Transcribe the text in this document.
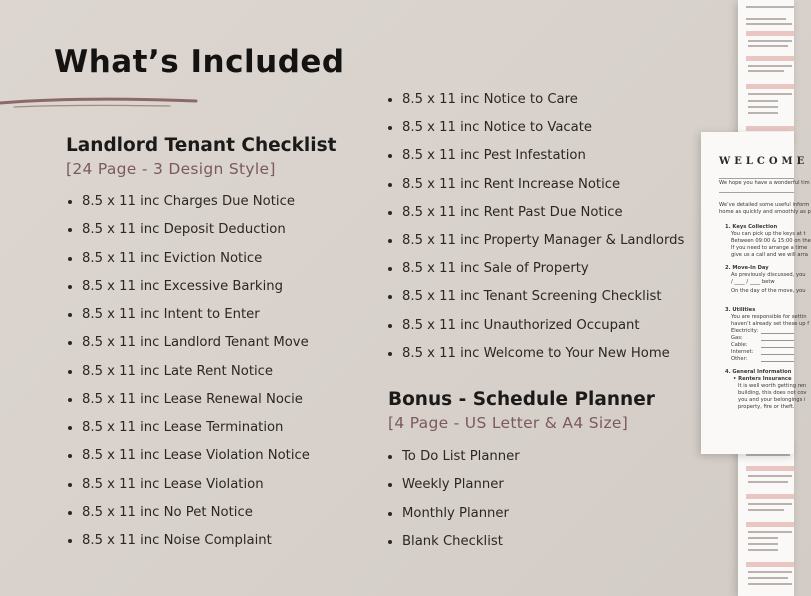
What’s Included
Landlord Tenant Checklist

[24 Page - 3 Design Style]

8.5 x 11 inc Charges Due Notice
8.5 x 11 inc Deposit Deduction
8.5 x 11 inc Eviction Notice
8.5 x 11 inc Excessive Barking
8.5 x 11 inc Intent to Enter
8.5 x 11 inc Landlord Tenant Move
8.5 x 11 inc Late Rent Notice
8.5 x 11 inc Lease Renewal Nocie
8.5 x 11 inc Lease Termination
8.5 x 11 inc Lease Violation Notice
8.5 x 11 inc Lease Violation
8.5 x 11 inc No Pet Notice
8.5 x 11 inc Noise Complaint
8.5 x 11 inc Notice to Care
8.5 x 11 inc Notice to Vacate
8.5 x 11 inc Pest Infestation
8.5 x 11 inc Rent Increase Notice
8.5 x 11 inc Rent Past Due Notice
8.5 x 11 inc Property Manager & Landlords
8.5 x 11 inc Sale of Property
8.5 x 11 inc Tenant Screening Checklist
8.5 x 11 inc Unauthorized Occupant
8.5 x 11 inc Welcome to Your New Home
Bonus - Schedule Planner

[4 Page - US Letter & A4 Size]

To Do List Planner
Weekly Planner
Monthly Planner
Blank Checklist
WELCOME
We hope you have a wonderful tim
We’ve detailed some useful inform
home as quickly and smoothly as p
1. Keys Collection
You can pick up the keys at t
Between 09:00 & 15:00 on the
If you need to arrange a time
give us a call and we will arra
2. Move-In Day
As previously discussed, you
/ ____ / ____ betw
On the day of the move, you
3. Utilities
You are responsible for settin
haven’t already set these up f
Electricity:
Gas:
Cable:
Internet:
Other:
4. General Information
• Renters Insurance
It is well worth getting ren
building, this does not cov
you and your belongings i
property, fire or theft.
